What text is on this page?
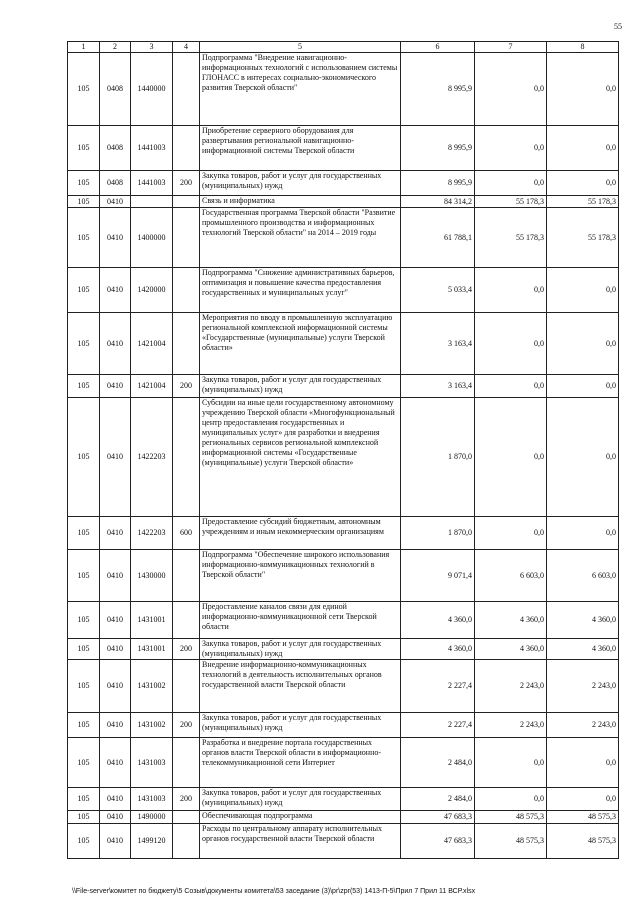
55
1	2	3	4	5	6	7	8
105	0408	1440000		Подпрограмма "Внедрение навигационно-информационных технологий с использованием системы ГЛОНАСС в интересах социально-экономического развития Тверской области"	8 995,9	0,0	0,0
105	0408	1441003		Приобретение серверного оборудования для развертывания региональной навигационно-информационной системы Тверской области	8 995,9	0,0	0,0
105	0408	1441003	200	Закупка товаров, работ и услуг для государственных (муниципальных) нужд	8 995,9	0,0	0,0
105	0410			Связь и информатика	84 314,2	55 178,3	55 178,3
105	0410	1400000		Государственная программа Тверской области "Развитие промышленного производства и информационных технологий Тверской области" на 2014 – 2019 годы	61 788,1	55 178,3	55 178,3
105	0410	1420000		Подпрограмма "Снижение административных барьеров, оптимизация и повышение качества предоставления государственных и муниципальных услуг"	5 033,4	0,0	0,0
105	0410	1421004		Мероприятия по вводу в промышленную эксплуатацию региональной комплексной информационной системы «Государственные (муниципальные) услуги Тверской области»	3 163,4	0,0	0,0
105	0410	1421004	200	Закупка товаров, работ и услуг для государственных (муниципальных) нужд	3 163,4	0,0	0,0
105	0410	1422203		Субсидии на иные цели государственному автономному учреждению Тверской области «Многофункциональный центр предоставления государственных и муниципальных услуг» для разработки и внедрения региональных сервисов региональной комплексной информационной системы «Государственные (муниципальные) услуги Тверской области»	1 870,0	0,0	0,0
105	0410	1422203	600	Предоставление субсидий бюджетным, автономным учреждениям и иным некоммерческим организациям	1 870,0	0,0	0,0
105	0410	1430000		Подпрограмма "Обеспечение широкого использования информационно-коммуникационных технологий в Тверской области"	9 071,4	6 603,0	6 603,0
105	0410	1431001		Предоставление каналов связи для единой информационно-коммуникационной сети Тверской области	4 360,0	4 360,0	4 360,0
105	0410	1431001	200	Закупка товаров, работ и услуг для государственных (муниципальных) нужд	4 360,0	4 360,0	4 360,0
105	0410	1431002		Внедрение информационно-коммуникационных технологий в деятельность исполнительных органов государственной власти Тверской области	2 227,4	2 243,0	2 243,0
105	0410	1431002	200	Закупка товаров, работ и услуг для государственных (муниципальных) нужд	2 227,4	2 243,0	2 243,0
105	0410	1431003		Разработка и внедрение портала государственных органов власти Тверской области в информационно-телекоммуникационной сети Интернет	2 484,0	0,0	0,0
105	0410	1431003	200	Закупка товаров, работ и услуг для государственных (муниципальных) нужд	2 484,0	0,0	0,0
105	0410	1490000		Обеспечивающая подпрограмма	47 683,3	48 575,3	48 575,3
105	0410	1499120		Расходы по центральному аппарату исполнительных органов государственной власти Тверской области	47 683,3	48 575,3	48 575,3
\\File-server\комитет по бюджету\5 Созыв\документы комитета\53 заседание (3)\pr\zpr(53) 1413-П-5\Прил 7 Прил 11 ВСР.xlsx
